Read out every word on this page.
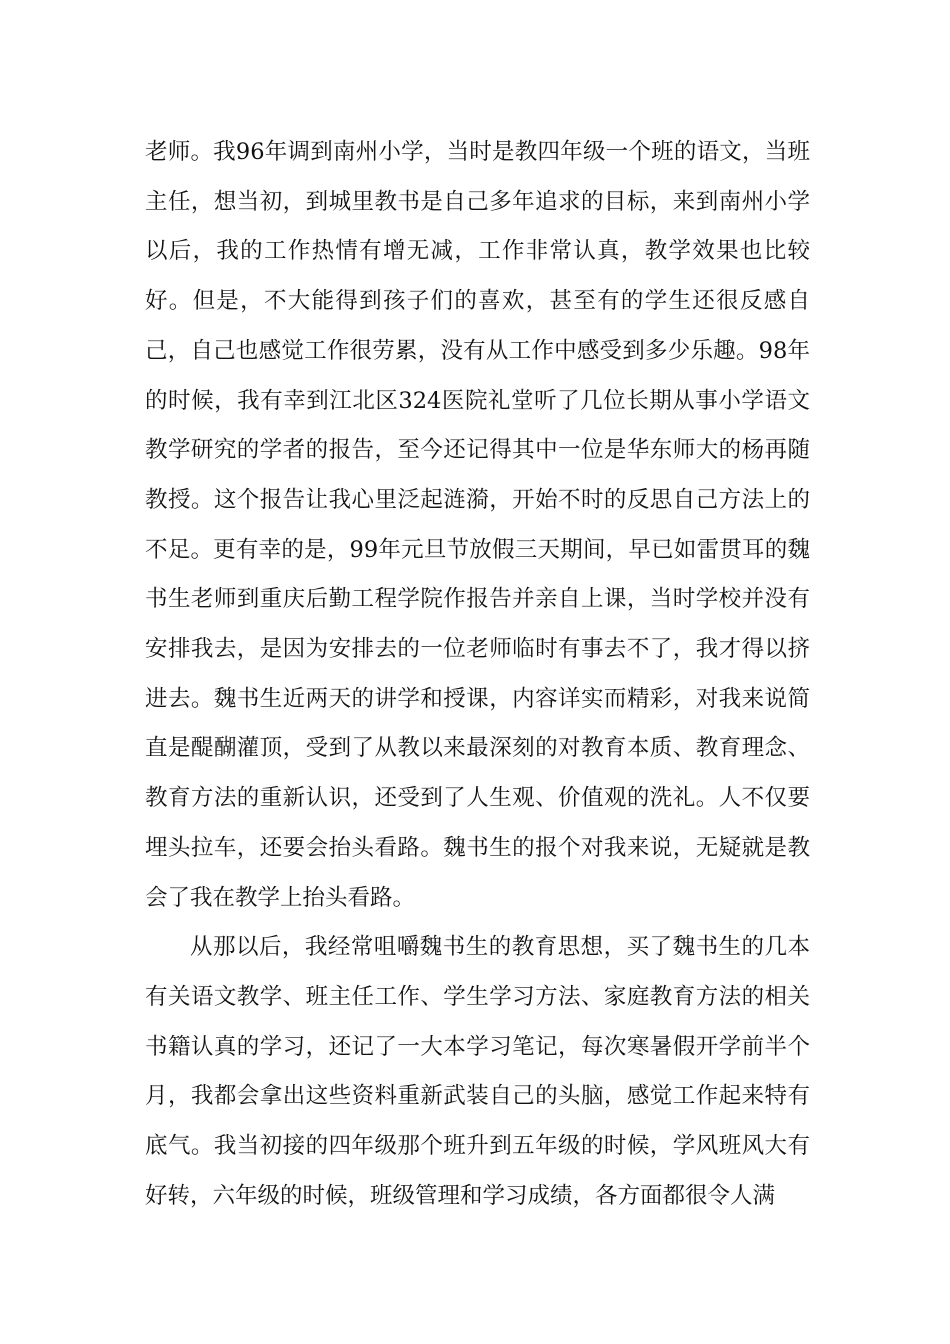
老师。我96年调到南州小学，当时是教四年级一个班的语文，当班主任，想当初，到城里教书是自己多年追求的目标，来到南州小学以后，我的工作热情有增无减，工作非常认真，教学效果也比较好。但是，不大能得到孩子们的喜欢，甚至有的学生还很反感自己，自己也感觉工作很劳累，没有从工作中感受到多少乐趣。98年的时候，我有幸到江北区324医院礼堂听了几位长期从事小学语文教学研究的学者的报告，至今还记得其中一位是华东师大的杨再随教授。这个报告让我心里泛起涟漪，开始不时的反思自己方法上的不足。更有幸的是，99年元旦节放假三天期间，早已如雷贯耳的魏书生老师到重庆后勤工程学院作报告并亲自上课，当时学校并没有安排我去，是因为安排去的一位老师临时有事去不了，我才得以挤进去。魏书生近两天的讲学和授课，内容详实而精彩，对我来说简直是醍醐灌顶，受到了从教以来最深刻的对教育本质、教育理念、教育方法的重新认识，还受到了人生观、价值观的洗礼。人不仅要埋头拉车，还要会抬头看路。魏书生的报个对我来说，无疑就是教会了我在教学上抬头看路。

从那以后，我经常咀嚼魏书生的教育思想，买了魏书生的几本有关语文教学、班主任工作、学生学习方法、家庭教育方法的相关书籍认真的学习，还记了一大本学习笔记，每次寒暑假开学前半个月，我都会拿出这些资料重新武装自己的头脑，感觉工作起来特有底气。我当初接的四年级那个班升到五年级的时候，学风班风大有好转，六年级的时候，班级管理和学习成绩，各方面都很令人满
